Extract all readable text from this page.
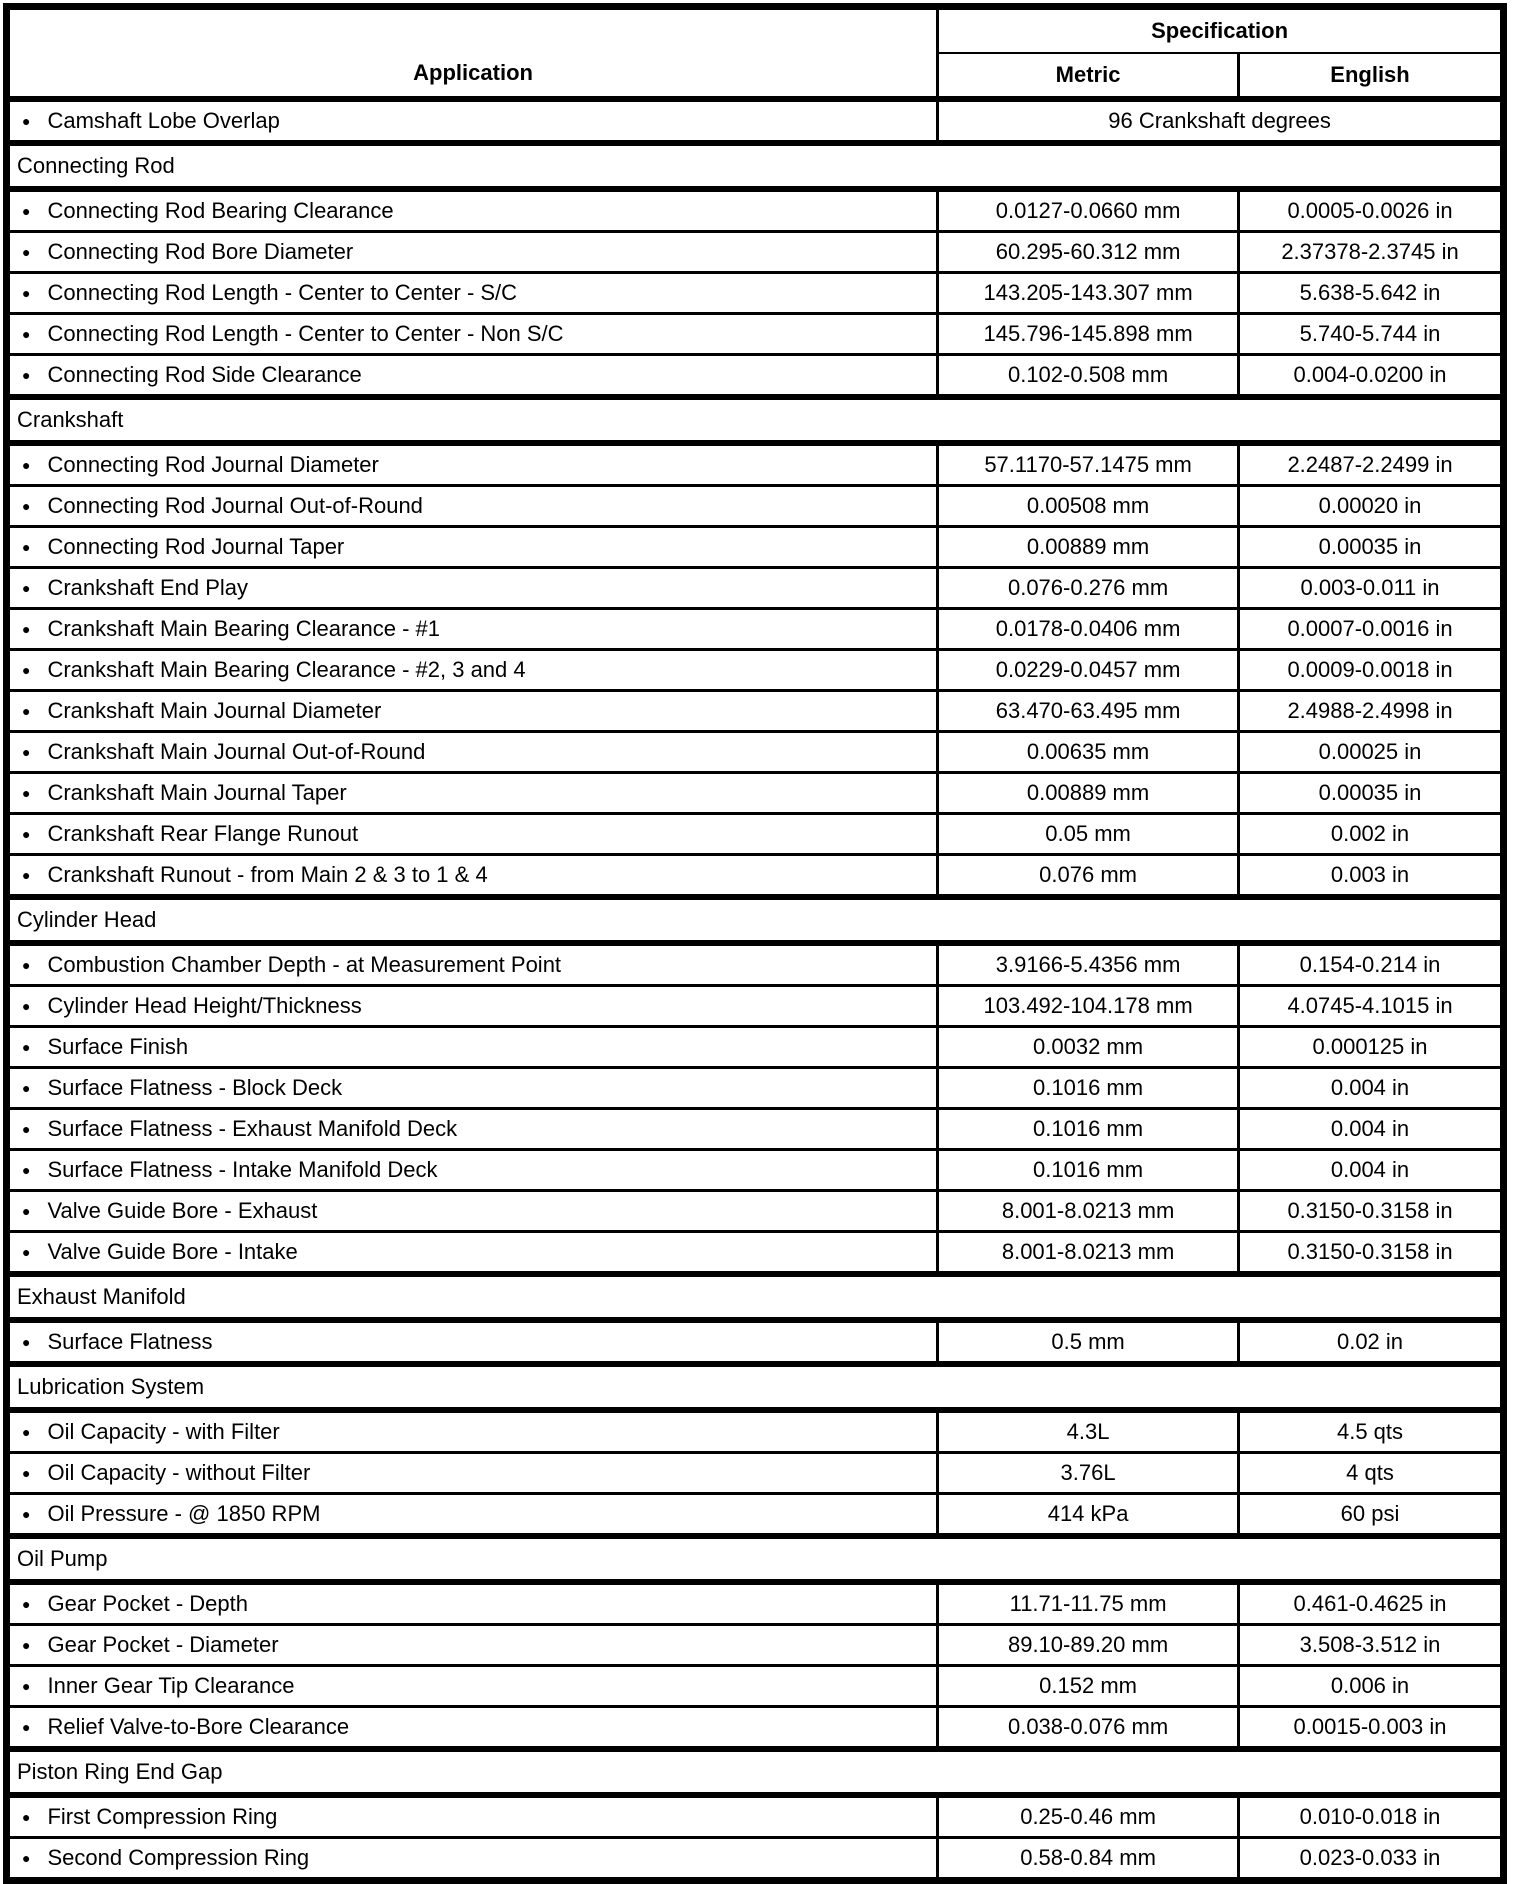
Application	Specification	
	Metric	English
● Camshaft Lobe Overlap	96 Crankshaft degrees	
Connecting Rod		
● Connecting Rod Bearing Clearance	0.0127-0.0660 mm	0.0005-0.0026 in
● Connecting Rod Bore Diameter	60.295-60.312 mm	2.37378-2.3745 in
● Connecting Rod Length - Center to Center - S/C	143.205-143.307 mm	5.638-5.642 in
● Connecting Rod Length - Center to Center - Non S/C	145.796-145.898 mm	5.740-5.744 in
● Connecting Rod Side Clearance	0.102-0.508 mm	0.004-0.0200 in
Crankshaft		
● Connecting Rod Journal Diameter	57.1170-57.1475 mm	2.2487-2.2499 in
● Connecting Rod Journal Out-of-Round	0.00508 mm	0.00020 in
● Connecting Rod Journal Taper	0.00889 mm	0.00035 in
● Crankshaft End Play	0.076-0.276 mm	0.003-0.011 in
● Crankshaft Main Bearing Clearance - #1	0.0178-0.0406 mm	0.0007-0.0016 in
● Crankshaft Main Bearing Clearance - #2, 3 and 4	0.0229-0.0457 mm	0.0009-0.0018 in
● Crankshaft Main Journal Diameter	63.470-63.495 mm	2.4988-2.4998 in
● Crankshaft Main Journal Out-of-Round	0.00635 mm	0.00025 in
● Crankshaft Main Journal Taper	0.00889 mm	0.00035 in
● Crankshaft Rear Flange Runout	0.05 mm	0.002 in
● Crankshaft Runout - from Main 2 & 3 to 1 & 4	0.076 mm	0.003 in
Cylinder Head		
● Combustion Chamber Depth - at Measurement Point	3.9166-5.4356 mm	0.154-0.214 in
● Cylinder Head Height/Thickness	103.492-104.178 mm	4.0745-4.1015 in
● Surface Finish	0.0032 mm	0.000125 in
● Surface Flatness - Block Deck	0.1016 mm	0.004 in
● Surface Flatness - Exhaust Manifold Deck	0.1016 mm	0.004 in
● Surface Flatness - Intake Manifold Deck	0.1016 mm	0.004 in
● Valve Guide Bore - Exhaust	8.001-8.0213 mm	0.3150-0.3158 in
● Valve Guide Bore - Intake	8.001-8.0213 mm	0.3150-0.3158 in
Exhaust Manifold		
● Surface Flatness	0.5 mm	0.02 in
Lubrication System		
● Oil Capacity - with Filter	4.3L	4.5 qts
● Oil Capacity - without Filter	3.76L	4 qts
● Oil Pressure - @ 1850 RPM	414 kPa	60 psi
Oil Pump		
● Gear Pocket - Depth	11.71-11.75 mm	0.461-0.4625 in
● Gear Pocket - Diameter	89.10-89.20 mm	3.508-3.512 in
● Inner Gear Tip Clearance	0.152 mm	0.006 in
● Relief Valve-to-Bore Clearance	0.038-0.076 mm	0.0015-0.003 in
Piston Ring End Gap		
● First Compression Ring	0.25-0.46 mm	0.010-0.018 in
● Second Compression Ring	0.58-0.84 mm	0.023-0.033 in
